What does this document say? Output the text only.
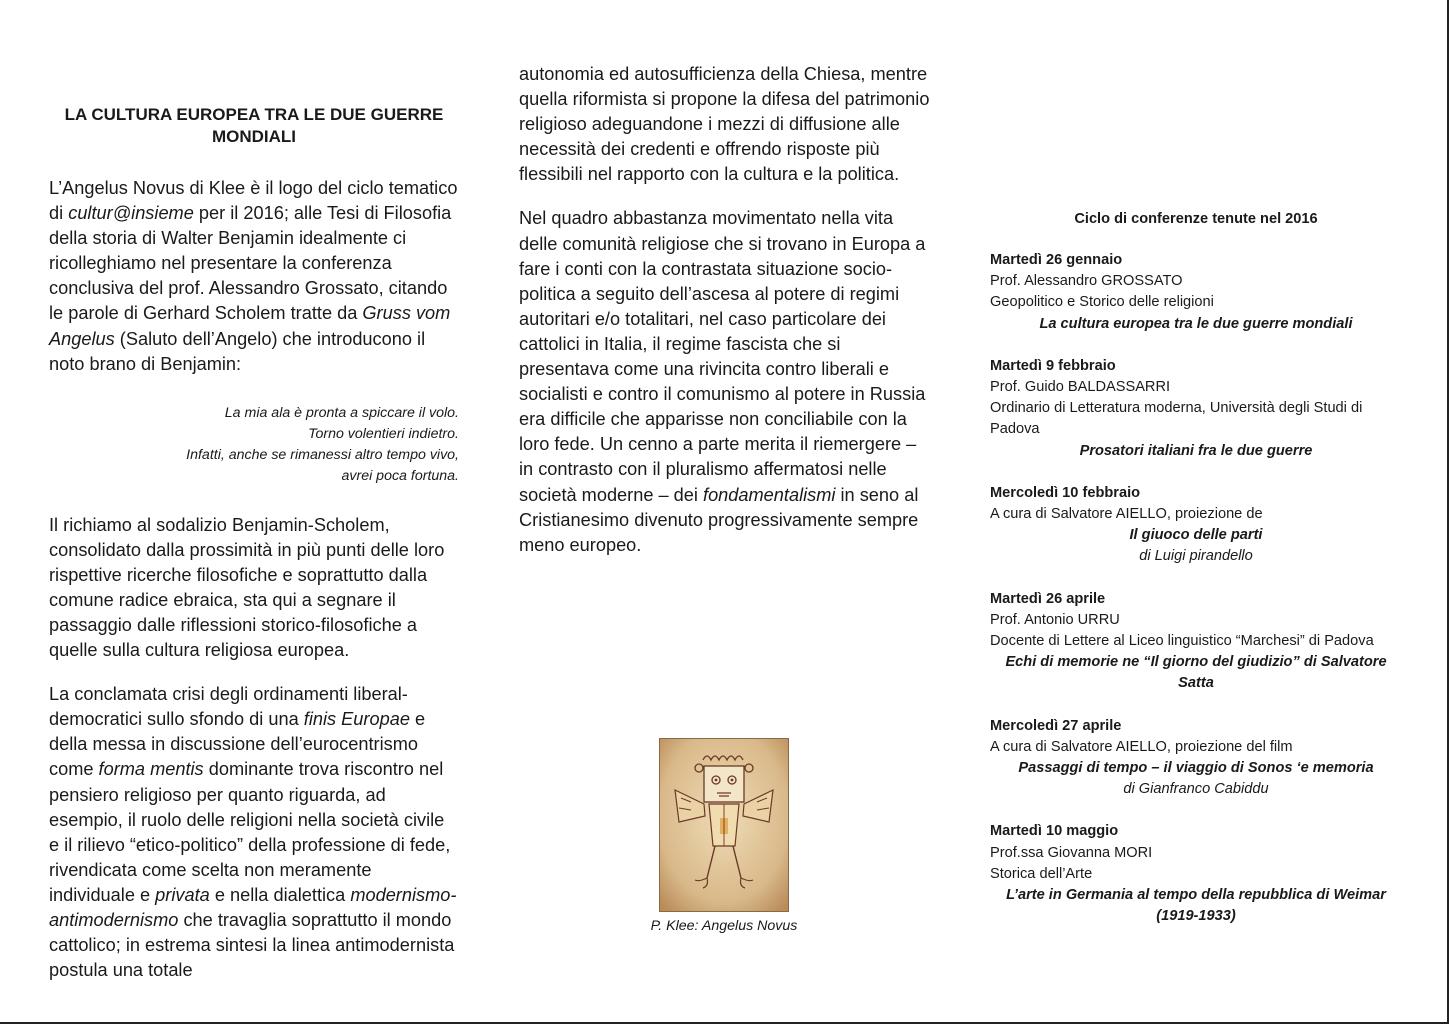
LA CULTURA EUROPEA TRA LE DUE GUERRE
MONDIALI

L’Angelus Novus di Klee è il logo del ciclo tematico di cultur@insieme per il 2016; alle Tesi di Filosofia della storia di Walter Benjamin idealmente ci ricolleghiamo nel presentare la conferenza conclusiva del prof. Alessandro Grossato, citando le parole di Gerhard Scholem tratte da Gruss vom Angelus (Saluto dell’Angelo) che introducono il noto brano di Benjamin:

La mia ala è pronta a spiccare il volo.
Torno volentieri indietro.
Infatti, anche se rimanessi altro tempo vivo,
avrei poca fortuna.

Il richiamo al sodalizio Benjamin-Scholem, consolidato dalla prossimità in più punti delle loro rispettive ricerche filosofiche e soprattutto dalla comune radice ebraica, sta qui a segnare il passaggio dalle riflessioni storico-filosofiche a quelle sulla cultura religiosa europea.

La conclamata crisi degli ordinamenti liberal-democratici sullo sfondo di una finis Europae e della messa in discussione dell’eurocentrismo come forma mentis dominante trova riscontro nel pensiero religioso per quanto riguarda, ad esempio, il ruolo delle religioni nella società civile e il rilievo “etico-politico” della professione di fede, rivendicata come scelta non meramente individuale e privata e nella dialettica modernismo-antimodernismo che travaglia soprattutto il mondo cattolico; in estrema sintesi la linea antimodernista postula una totale

autonomia ed autosufficienza della Chiesa, mentre quella riformista si propone la difesa del patrimonio religioso adeguandone i mezzi di diffusione alle necessità dei credenti e offrendo risposte più flessibili nel rapporto con la cultura e la politica.

Nel quadro abbastanza movimentato nella vita delle comunità religiose che si trovano in Europa a fare i conti con la contrastata situazione socio-politica a seguito dell’ascesa al potere di regimi autoritari e/o totalitari, nel caso particolare dei cattolici in Italia, il regime fascista che si presentava come una rivincita contro liberali e socialisti e contro il comunismo al potere in Russia era difficile che apparisse non conciliabile con la loro fede. Un cenno a parte merita il riemergere – in contrasto con il pluralismo affermatosi nelle società moderne – dei fondamentalismi in seno al Cristianesimo divenuto progressivamente sempre meno europeo.

P. Klee: Angelus Novus
Ciclo di conferenze tenute nel 2016
Martedì 26 gennaio
Prof. Alessandro GROSSATO
Geopolitico e Storico delle religioni
La cultura europea tra le due guerre mondiali
Martedì 9 febbraio
Prof. Guido BALDASSARRI
Ordinario di Letteratura moderna, Università degli Studi di Padova
Prosatori italiani fra le due guerre
Mercoledì 10 febbraio
A cura di Salvatore AIELLO, proiezione de
Il giuoco delle parti
di Luigi pirandello
Martedì 26 aprile
Prof. Antonio URRU
Docente di Lettere al Liceo linguistico “Marchesi” di Padova
Echi di memorie ne “Il giorno del giudizio” di Salvatore Satta
Mercoledì 27 aprile
A cura di Salvatore AIELLO, proiezione del film
Passaggi di tempo – il viaggio di Sonos ‘e memoria
di Gianfranco Cabiddu
Martedì 10 maggio
Prof.ssa Giovanna MORI
Storica dell’Arte
L’arte in Germania al tempo della repubblica di Weimar (1919-1933)
